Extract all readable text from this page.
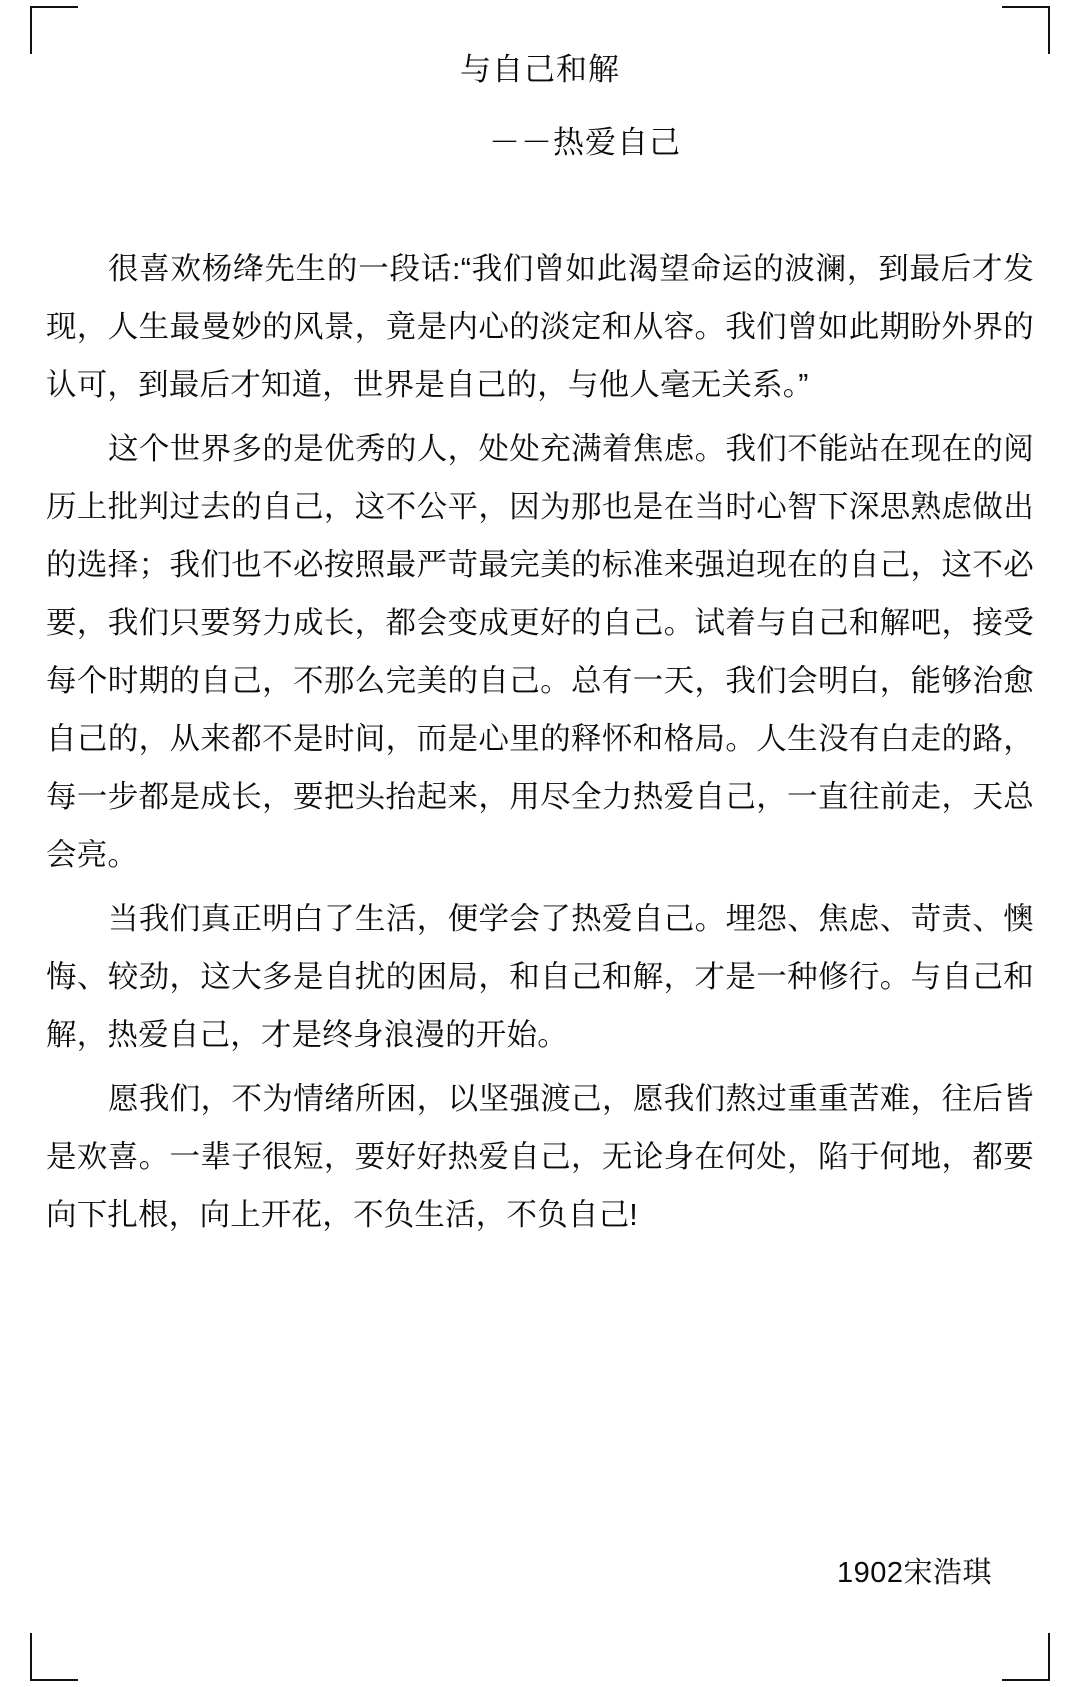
与自己和解
－－热爱自己

很喜欢杨绛先生的一段话:“我们曾如此渴望命运的波澜，到最后才发现，人生最曼妙的风景，竟是内心的淡定和从容。我们曾如此期盼外界的认可，到最后才知道，世界是自己的，与他人毫无关系。”

这个世界多的是优秀的人，处处充满着焦虑。我们不能站在现在的阅历上批判过去的自己，这不公平，因为那也是在当时心智下深思熟虑做出的选择；我们也不必按照最严苛最完美的标准来强迫现在的自己，这不必要，我们只要努力成长，都会变成更好的自己。试着与自己和解吧，接受每个时期的自己，不那么完美的自己。总有一天，我们会明白，能够治愈自己的，从来都不是时间，而是心里的释怀和格局。人生没有白走的路，每一步都是成长，要把头抬起来，用尽全力热爱自己，一直往前走，天总会亮。

当我们真正明白了生活，便学会了热爱自己。埋怨、焦虑、苛责、懊悔、较劲，这大多是自扰的困局，和自己和解，才是一种修行。与自己和解，热爱自己，才是终身浪漫的开始。

愿我们，不为情绪所困，以坚强渡己，愿我们熬过重重苦难，往后皆是欢喜。一辈子很短，要好好热爱自己，无论身在何处，陷于何地，都要向下扎根，向上开花，不负生活，不负自己!

1902宋浩琪
